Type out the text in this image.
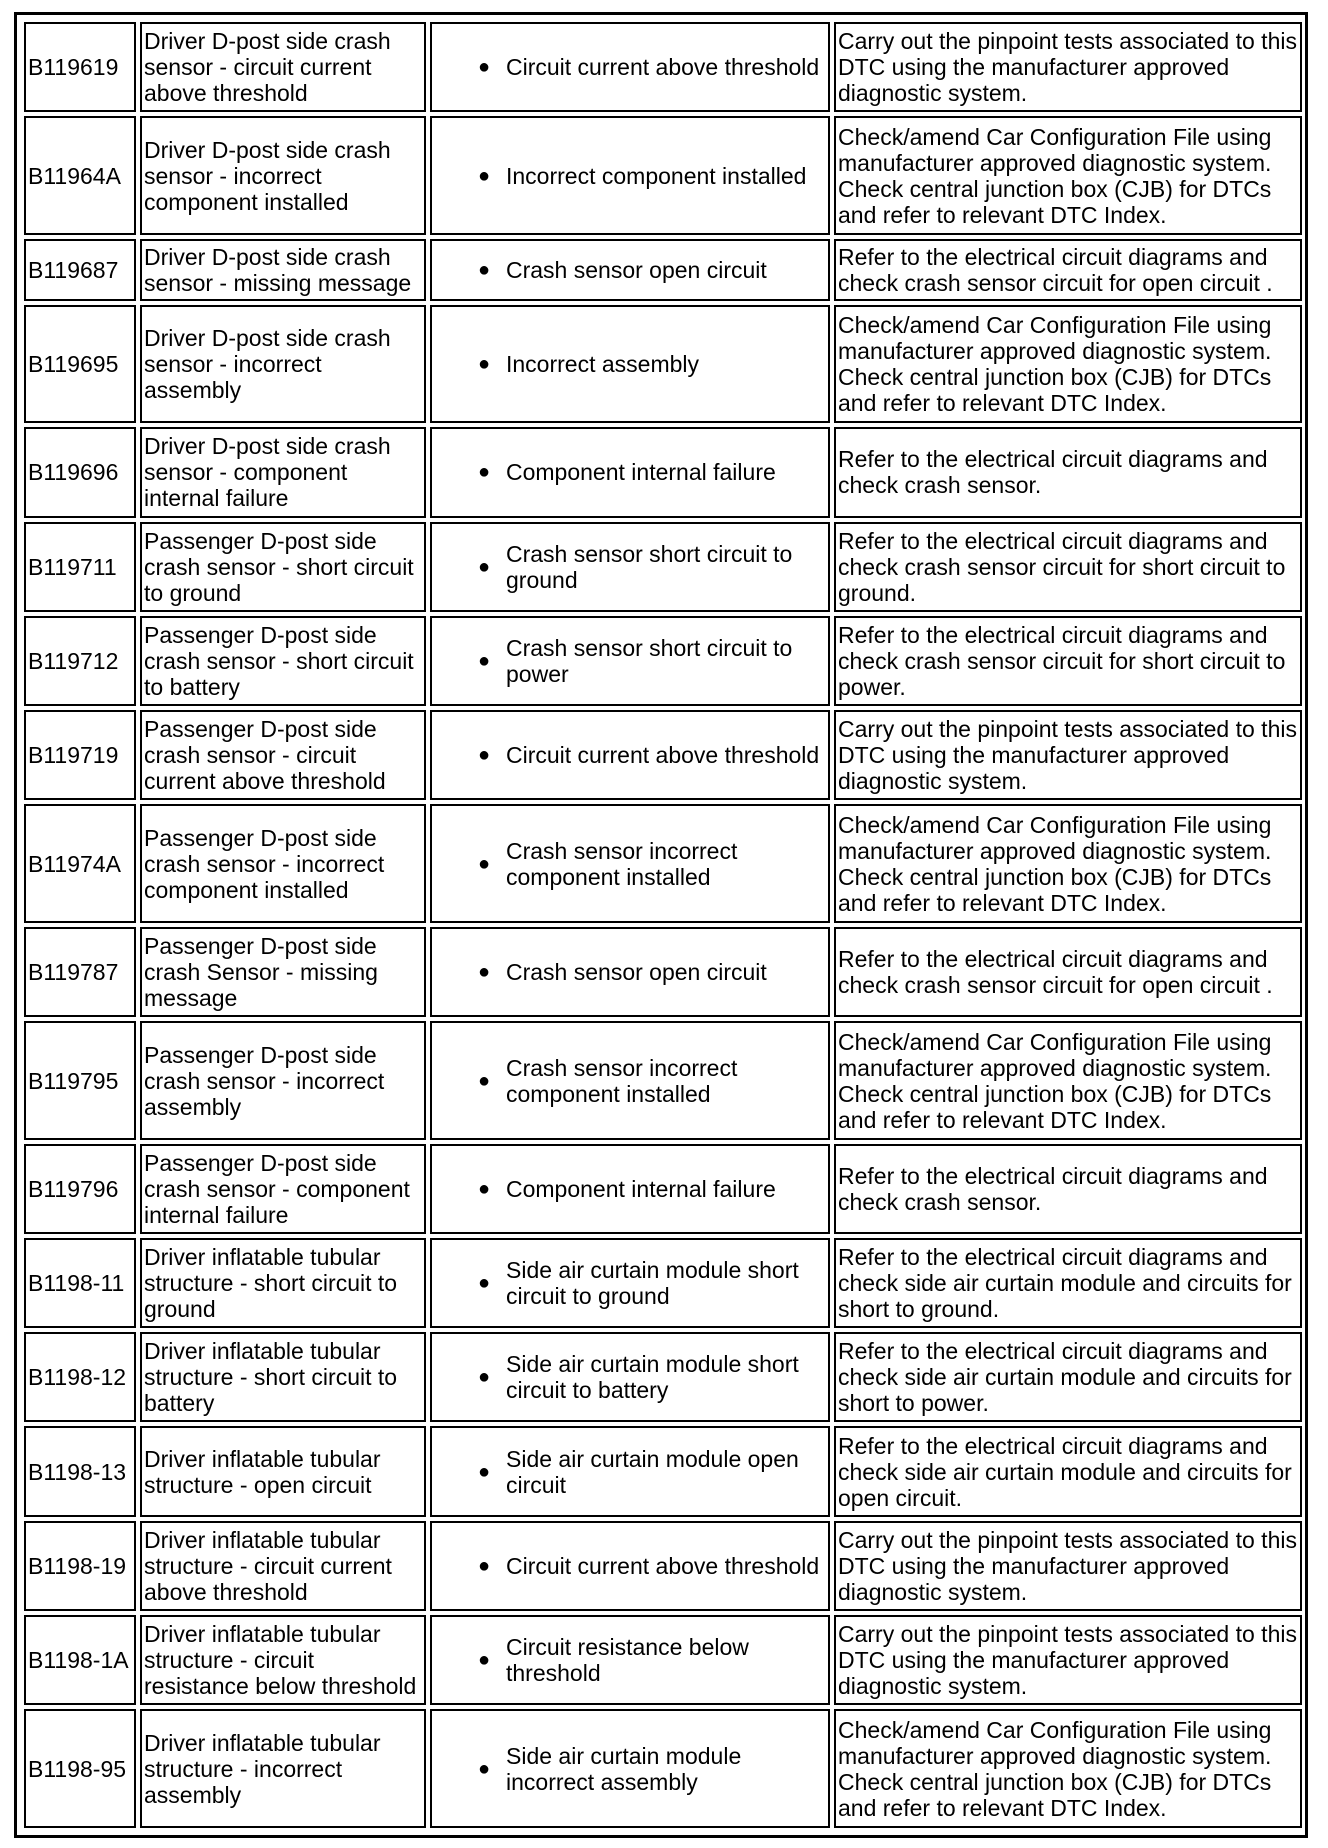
B119619	Driver D-post side crash sensor - circuit current above threshold	● Circuit current above threshold	Carry out the pinpoint tests associated to this DTC using the manufacturer approved diagnostic system.
B11964A	Driver D-post side crash sensor - incorrect component installed	● Incorrect component installed	Check/amend Car Configuration File using manufacturer approved diagnostic system. Check central junction box (CJB) for DTCs and refer to relevant DTC Index.
B119687	Driver D-post side crash sensor - missing message	● Crash sensor open circuit	Refer to the electrical circuit diagrams and check crash sensor circuit for open circuit .
B119695	Driver D-post side crash sensor - incorrect assembly	● Incorrect assembly	Check/amend Car Configuration File using manufacturer approved diagnostic system. Check central junction box (CJB) for DTCs and refer to relevant DTC Index.
B119696	Driver D-post side crash sensor - component internal failure	● Component internal failure	Refer to the electrical circuit diagrams and check crash sensor.
B119711	Passenger D-post side crash sensor - short circuit to ground	● Crash sensor short circuit to ground	Refer to the electrical circuit diagrams and check crash sensor circuit for short circuit to ground.
B119712	Passenger D-post side crash sensor - short circuit to battery	● Crash sensor short circuit to power	Refer to the electrical circuit diagrams and check crash sensor circuit for short circuit to power.
B119719	Passenger D-post side crash sensor - circuit current above threshold	● Circuit current above threshold	Carry out the pinpoint tests associated to this DTC using the manufacturer approved diagnostic system.
B11974A	Passenger D-post side crash sensor - incorrect component installed	● Crash sensor incorrect component installed	Check/amend Car Configuration File using manufacturer approved diagnostic system. Check central junction box (CJB) for DTCs and refer to relevant DTC Index.
B119787	Passenger D-post side crash Sensor - missing message	● Crash sensor open circuit	Refer to the electrical circuit diagrams and check crash sensor circuit for open circuit .
B119795	Passenger D-post side crash sensor - incorrect assembly	● Crash sensor incorrect component installed	Check/amend Car Configuration File using manufacturer approved diagnostic system. Check central junction box (CJB) for DTCs and refer to relevant DTC Index.
B119796	Passenger D-post side crash sensor - component internal failure	● Component internal failure	Refer to the electrical circuit diagrams and check crash sensor.
B1198-11	Driver inflatable tubular structure - short circuit to ground	● Side air curtain module short circuit to ground	Refer to the electrical circuit diagrams and check side air curtain module and circuits for short to ground.
B1198-12	Driver inflatable tubular structure - short circuit to battery	● Side air curtain module short circuit to battery	Refer to the electrical circuit diagrams and check side air curtain module and circuits for short to power.
B1198-13	Driver inflatable tubular structure - open circuit	● Side air curtain module open circuit	Refer to the electrical circuit diagrams and check side air curtain module and circuits for open circuit.
B1198-19	Driver inflatable tubular structure - circuit current above threshold	● Circuit current above threshold	Carry out the pinpoint tests associated to this DTC using the manufacturer approved diagnostic system.
B1198-1A	Driver inflatable tubular structure - circuit resistance below threshold	● Circuit resistance below threshold	Carry out the pinpoint tests associated to this DTC using the manufacturer approved diagnostic system.
B1198-95	Driver inflatable tubular structure - incorrect assembly	● Side air curtain module incorrect assembly	Check/amend Car Configuration File using manufacturer approved diagnostic system. Check central junction box (CJB) for DTCs and refer to relevant DTC Index.
